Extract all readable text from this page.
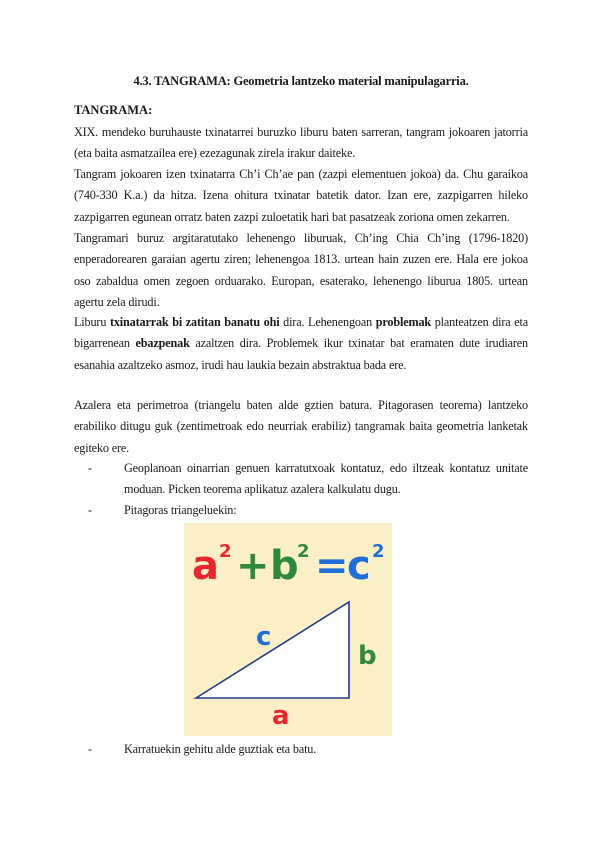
4.3. TANGRAMA: Geometria lantzeko material manipulagarria.
TANGRAMA:
XIX. mendeko buruhauste txinatarrei buruzko liburu baten sarreran, tangram jokoaren jatorria (eta baita asmatzailea ere) ezezagunak zirela irakur daiteke.
Tangram jokoaren izen txinatarra Ch’i Ch’ae pan (zazpi elementuen jokoa) da. Chu garaikoa (740-330 K.a.) da hitza. Izena ohitura txinatar batetik dator. Izan ere, zazpigarren hileko zazpigarren egunean orratz baten zazpi zuloetatik hari bat pasatzeak zoriona omen zekarren.
Tangramari buruz argitaratutako lehenengo liburuak, Ch’ing Chia Ch’ing (1796-1820) enperadorearen garaian agertu ziren; lehenengoa 1813. urtean hain zuzen ere. Hala ere jokoa oso zabaldua omen zegoen orduarako. Europan, esaterako, lehenengo liburua 1805. urtean agertu zela dirudi.
Liburu txinatarrak bi zatitan banatu ohi dira. Lehenengoan problemak planteatzen dira eta bigarrenean ebazpenak azaltzen dira. Problemek ikur txinatar bat eramaten dute irudiaren esanahia azaltzeko asmoz, irudi hau laukia bezain abstraktua bada ere.
Azalera eta perimetroa (triangelu baten alde gztien batura. Pitagorasen teorema) lantzeko erabiliko ditugu guk (zentimetroak edo neurriak erabiliz) tangramak baita geometria lanketak egiteko ere.
-	Geoplanoan oinarrian genuen karratutxoak kontatuz, edo iltzeak kontatuz unitate moduan. Picken teorema aplikatuz azalera kalkulatu dugu.
-	Pitagoras triangeluekin:
a 2 + b
2 =
c 2
c
b
a
-	Karratuekin gehitu alde guztiak eta batu.
